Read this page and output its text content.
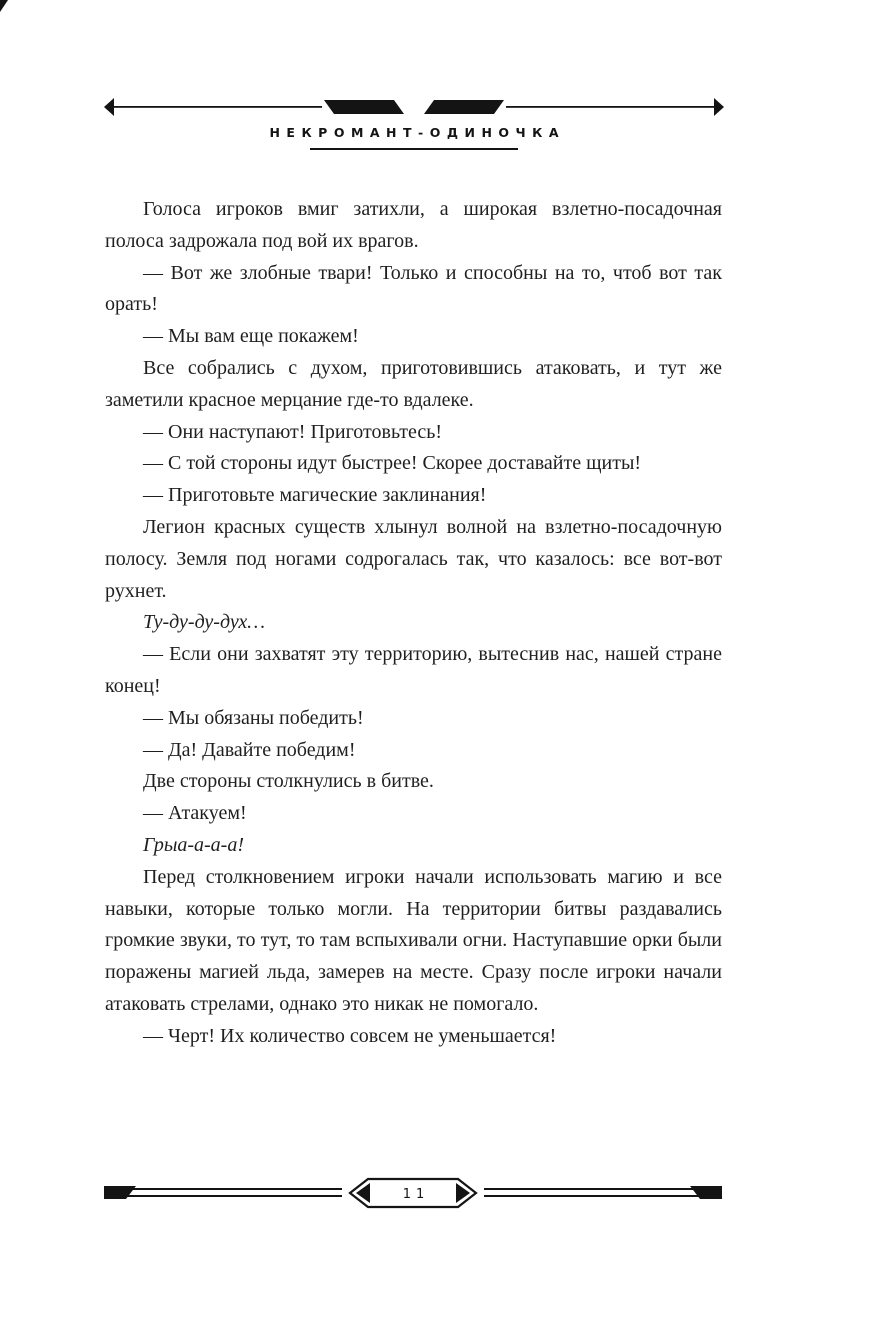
НЕКРОМАНТ-ОДИНОЧКА

Голоса игроков вмиг затихли, а широкая взлетно-посадочная полоса задрожала под вой их врагов.

— Вот же злобные твари! Только и способны на то, чтоб вот так орать!

— Мы вам еще покажем!

Все собрались с духом, приготовившись атаковать, и тут же заметили красное мерцание где-то вдалеке.

— Они наступают! Приготовьтесь!

— С той стороны идут быстрее! Скорее доставайте щиты!

— Приготовьте магические заклинания!

Легион красных существ хлынул волной на взлетно-посадочную полосу. Земля под ногами содрогалась так, что казалось: все вот-вот рухнет.

Ту-ду-ду-дух…

— Если они захватят эту территорию, вытеснив нас, нашей стране конец!

— Мы обязаны победить!

— Да! Давайте победим!

Две стороны столкнулись в битве.

— Атакуем!

Грыа-а-а-а!

Перед столкновением игроки начали использовать магию и все навыки, которые только могли. На территории битвы раздавались громкие звуки, то тут, то там вспыхивали огни. Наступавшие орки были поражены магией льда, замерев на месте. Сразу после игроки начали атаковать стрелами, однако это никак не помогало.

— Черт! Их количество совсем не уменьшается!

11
